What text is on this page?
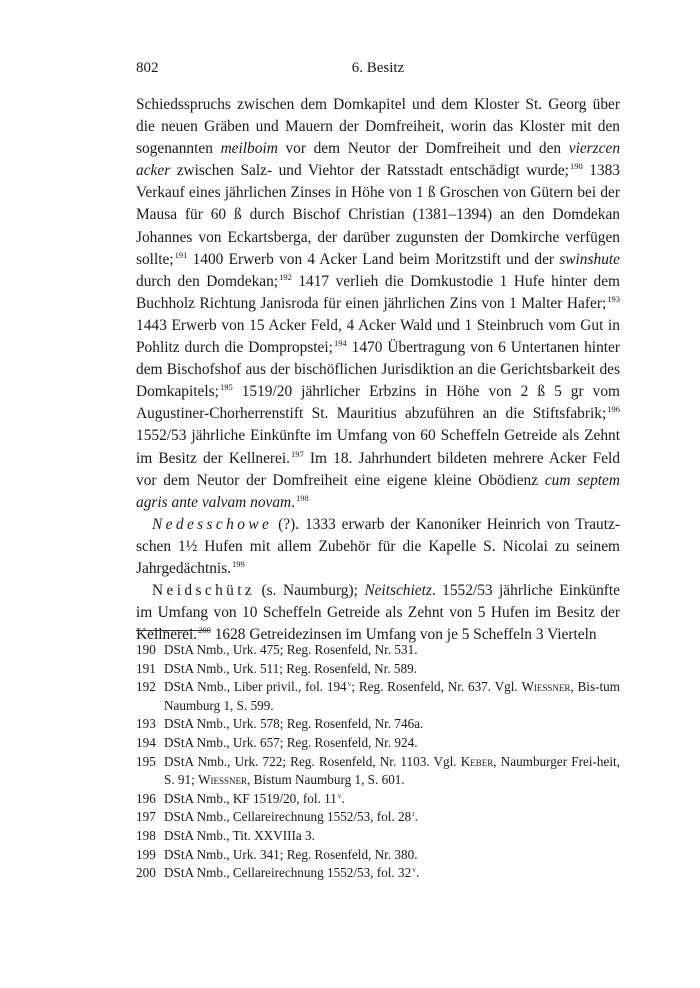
802	6. Besitz

Schiedsspruchs zwischen dem Domkapitel und dem Kloster St. Georg über die neuen Gräben und Mauern der Domfreiheit, worin das Kloster mit den sogenannten meilboim vor dem Neutor der Domfreiheit und den vierzcen acker zwischen Salz- und Viehtor der Ratsstadt entschädigt wurde;$^{190}$ 1383 Verkauf eines jährlichen Zinses in Höhe von 1 ß Groschen von Gütern bei der Mausa für 60 ß durch Bischof Christian (1381–1394) an den Domdekan Johannes von Eckartsberga, der darüber zugunsten der Domkirche verfügen sollte;$^{191}$ 1400 Erwerb von 4 Acker Land beim Moritzstift und der swinshute durch den Domdekan;$^{192}$ 1417 verlieh die Domkustodie 1 Hufe hinter dem Buchholz Richtung Janisroda für einen jährlichen Zins von 1 Malter Hafer;$^{193}$ 1443 Erwerb von 15 Acker Feld, 4 Acker Wald und 1 Steinbruch vom Gut in Pohlitz durch die Dompropstei;$^{194}$ 1470 Übertragung von 6 Untertanen hinter dem Bischofshof aus der bischöflichen Jurisdiktion an die Gerichtsbarkeit des Domkapitels;$^{195}$ 1519/20 jährlicher Erbzins in Höhe von 2 ß 5 gr vom Augustiner-Chorherrenstift St. Mauritius abzuführen an die Stiftsfabrik;$^{196}$ 1552/53 jährliche Einkünfte im Umfang von 60 Scheffeln Getreide als Zehnt im Besitz der Kellnerei.$^{197}$ Im 18. Jahrhundert bildeten mehrere Acker Feld vor dem Neutor der Domfreiheit eine eigene kleine Obödienz cum septem agris ante valvam novam.$^{198}$

Nedesschowe (?). 1333 erwarb der Kanoniker Heinrich von Trautz-schen 1½ Hufen mit allem Zubehör für die Kapelle S. Nicolai zu seinem Jahrgedächtnis.$^{199}$

Neidschütz (s. Naumburg); Neitschietz. 1552/53 jährliche Einkünfte im Umfang von 10 Scheffeln Getreide als Zehnt von 5 Hufen im Besitz der Kellnerei.$^{200}$ 1628 Getreidezinsen im Umfang von je 5 Scheffeln 3 Vierteln

190 DStA Nmb., Urk. 475; Reg. Rosenfeld, Nr. 531.
191 DStA Nmb., Urk. 511; Reg. Rosenfeld, Nr. 589.
192 DStA Nmb., Liber privil., fol. 194$^v$; Reg. Rosenfeld, Nr. 637. Vgl. Wiessner, Bis-tum Naumburg 1, S. 599.
193 DStA Nmb., Urk. 578; Reg. Rosenfeld, Nr. 746a.
194 DStA Nmb., Urk. 657; Reg. Rosenfeld, Nr. 924.
195 DStA Nmb., Urk. 722; Reg. Rosenfeld, Nr. 1103. Vgl. Keber, Naumburger Frei-heit, S. 91; Wiessner, Bistum Naumburg 1, S. 601.
196 DStA Nmb., KF 1519/20, fol. 11$^v$.
197 DStA Nmb., Cellareirechnung 1552/53, fol. 28$^r$.
198 DStA Nmb., Tit. XXVIIIa 3.
199 DStA Nmb., Urk. 341; Reg. Rosenfeld, Nr. 380.
200 DStA Nmb., Cellareirechnung 1552/53, fol. 32$^v$.
